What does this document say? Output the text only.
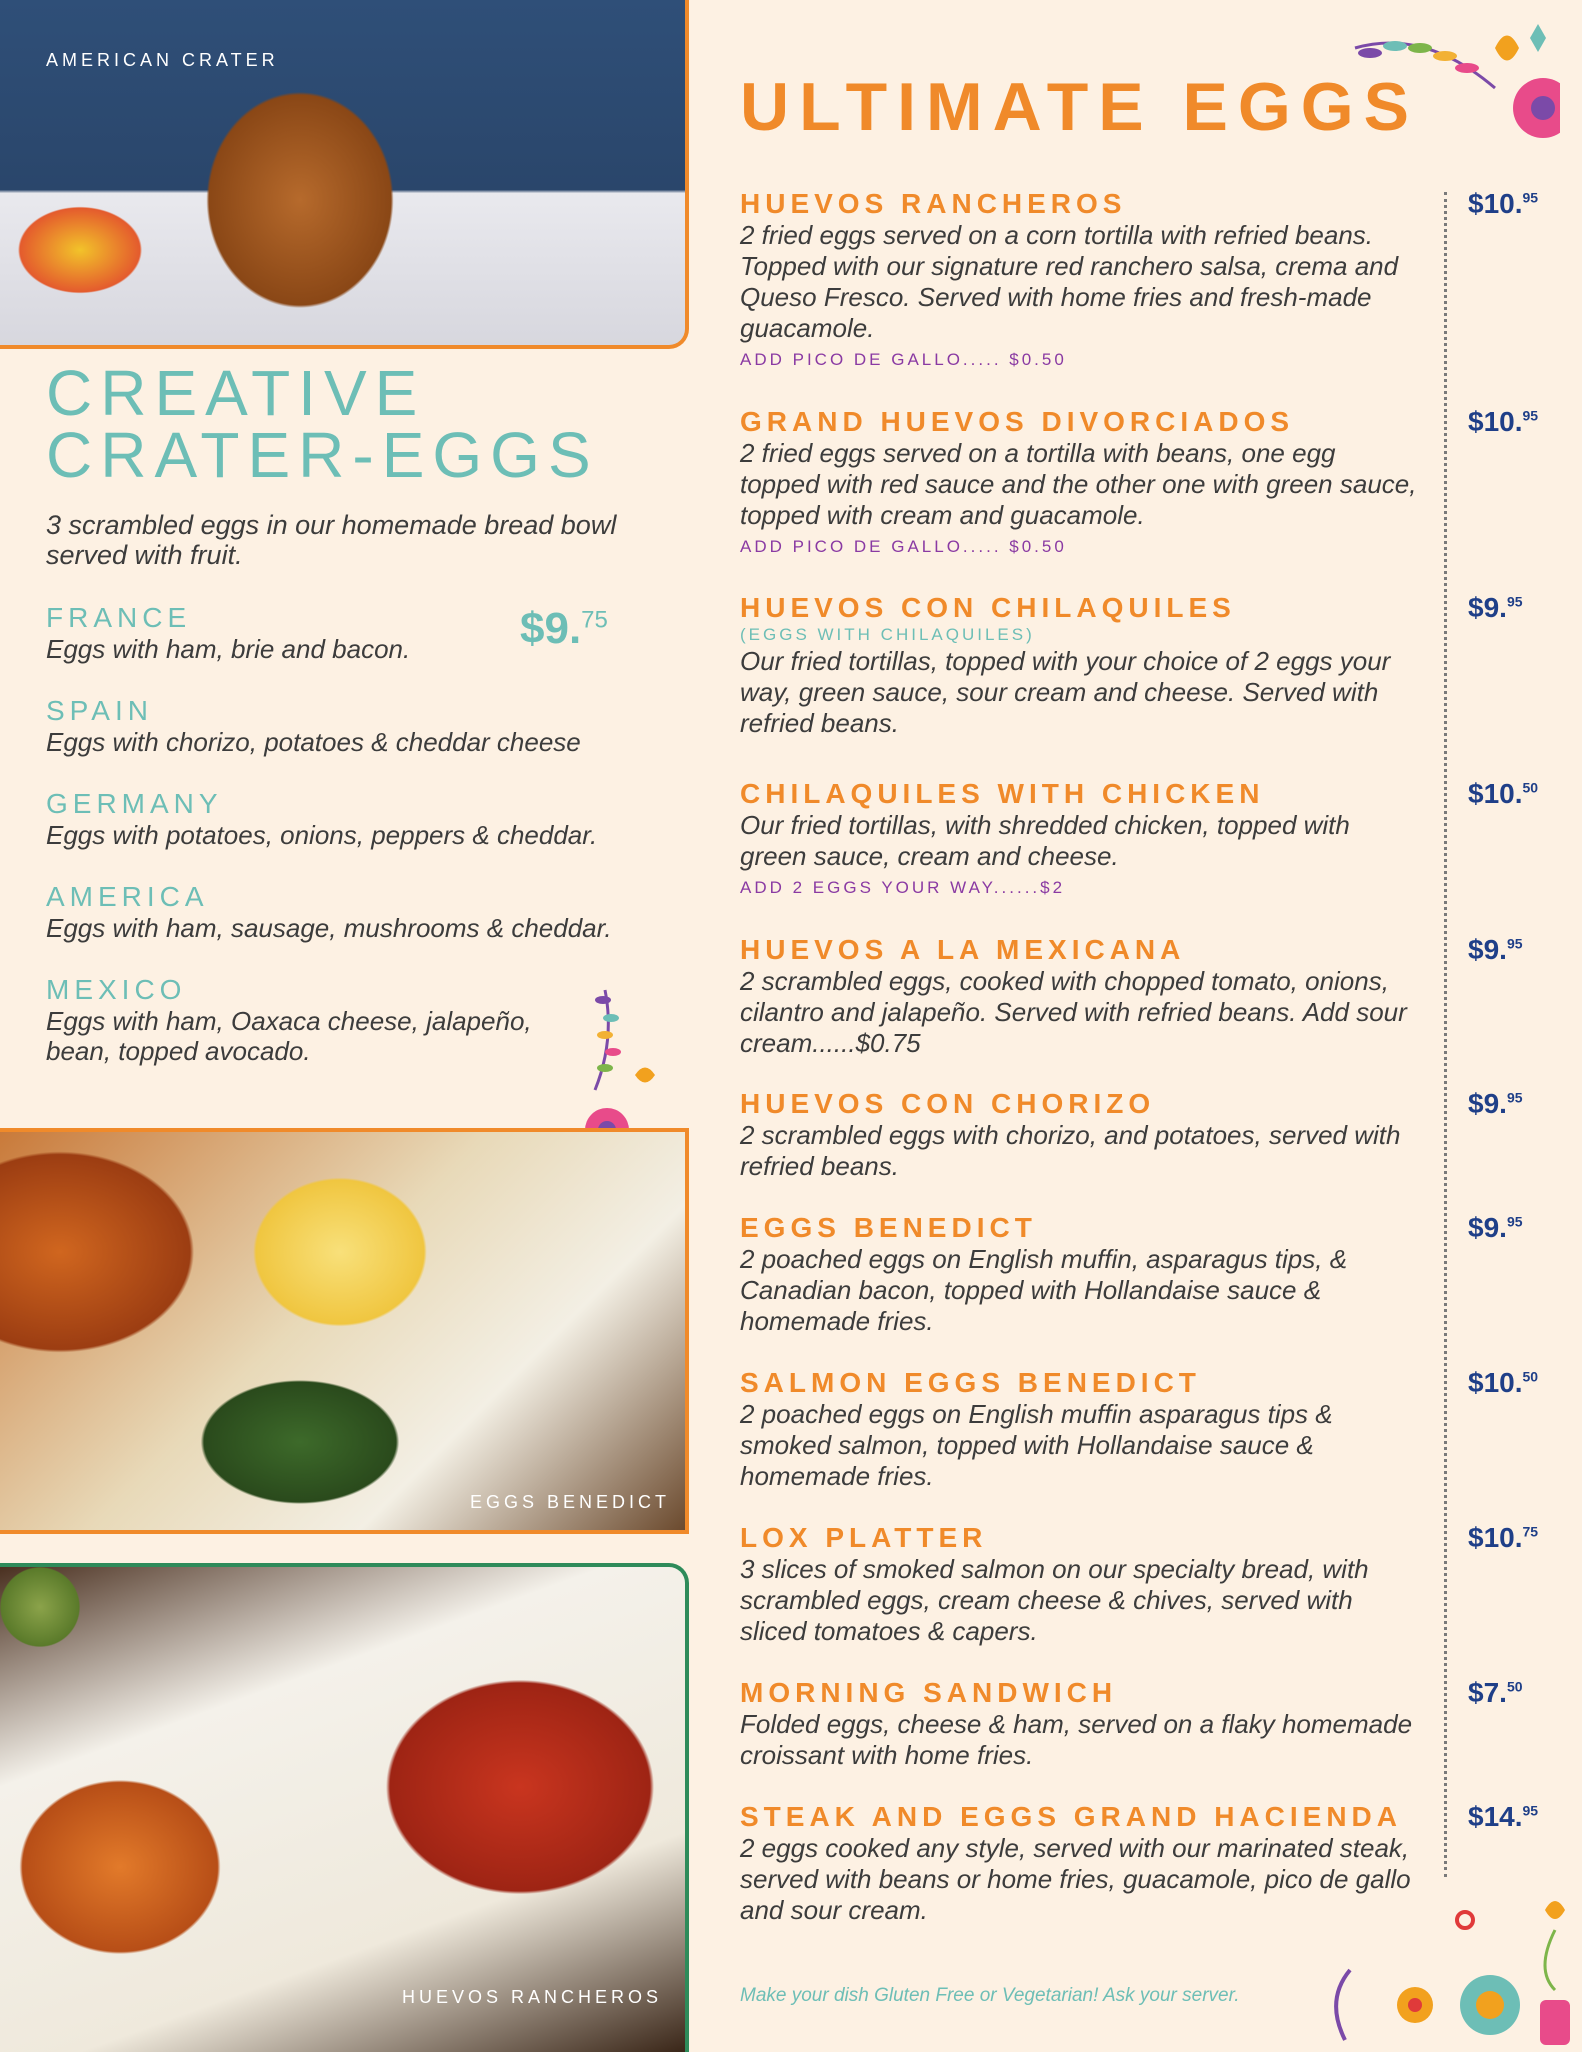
AMERICAN CRATER
CREATIVE
CRATER-EGGS
3 scrambled eggs in our homemade bread bowl served with fruit.
$9.75
FRANCE
Eggs with ham, brie and bacon.
SPAIN
Eggs with chorizo, potatoes & cheddar cheese
GERMANY
Eggs with potatoes, onions, peppers & cheddar.
AMERICA
Eggs with ham, sausage, mushrooms & cheddar.
MEXICO
Eggs with ham, Oaxaca cheese, jalapeño, bean, topped avocado.
EGGS BENEDICT
HUEVOS RANCHEROS
ULTIMATE EGGS
HUEVOS RANCHEROS
2 fried eggs served on a corn tortilla with refried beans. Topped with our signature red ranchero salsa, crema and Queso Fresco. Served with home fries and fresh-made guacamole.
ADD PICO DE GALLO..... $0.50
GRAND HUEVOS DIVORCIADOS
2 fried eggs served on a tortilla with beans, one egg topped with red sauce and the other one with green sauce, topped with cream and guacamole.
ADD PICO DE GALLO..... $0.50
HUEVOS CON CHILAQUILES
(EGGS WITH CHILAQUILES)
Our fried tortillas, topped with your choice of 2 eggs your way, green sauce, sour cream and cheese. Served with refried beans.
CHILAQUILES WITH CHICKEN
Our fried tortillas, with shredded chicken, topped with green sauce, cream and cheese.
ADD 2 EGGS YOUR WAY......$2
HUEVOS A LA MEXICANA
2 scrambled eggs, cooked with chopped tomato, onions, cilantro and jalapeño. Served with refried beans. Add sour cream......$0.75
HUEVOS CON CHORIZO
2 scrambled eggs with chorizo, and potatoes, served with refried beans.
EGGS BENEDICT
2 poached eggs on English muffin, asparagus tips, & Canadian bacon, topped with Hollandaise sauce & homemade fries.
SALMON EGGS BENEDICT
2 poached eggs on English muffin asparagus tips & smoked salmon, topped with Hollandaise sauce & homemade fries.
LOX PLATTER
3 slices of smoked salmon on our specialty bread, with scrambled eggs, cream cheese & chives, served with sliced tomatoes & capers.
MORNING SANDWICH
Folded eggs, cheese & ham, served on a flaky homemade croissant with home fries.
STEAK AND EGGS GRAND HACIENDA
2 eggs cooked any style, served with our marinated steak, served with beans or home fries, guacamole, pico de gallo and sour cream.
$10.95
$10.95
$9.95
$10.50
$9.95
$9.95
$9.95
$10.50
$10.75
$7.50
$14.95
Make your dish Gluten Free or Vegetarian! Ask your server.
